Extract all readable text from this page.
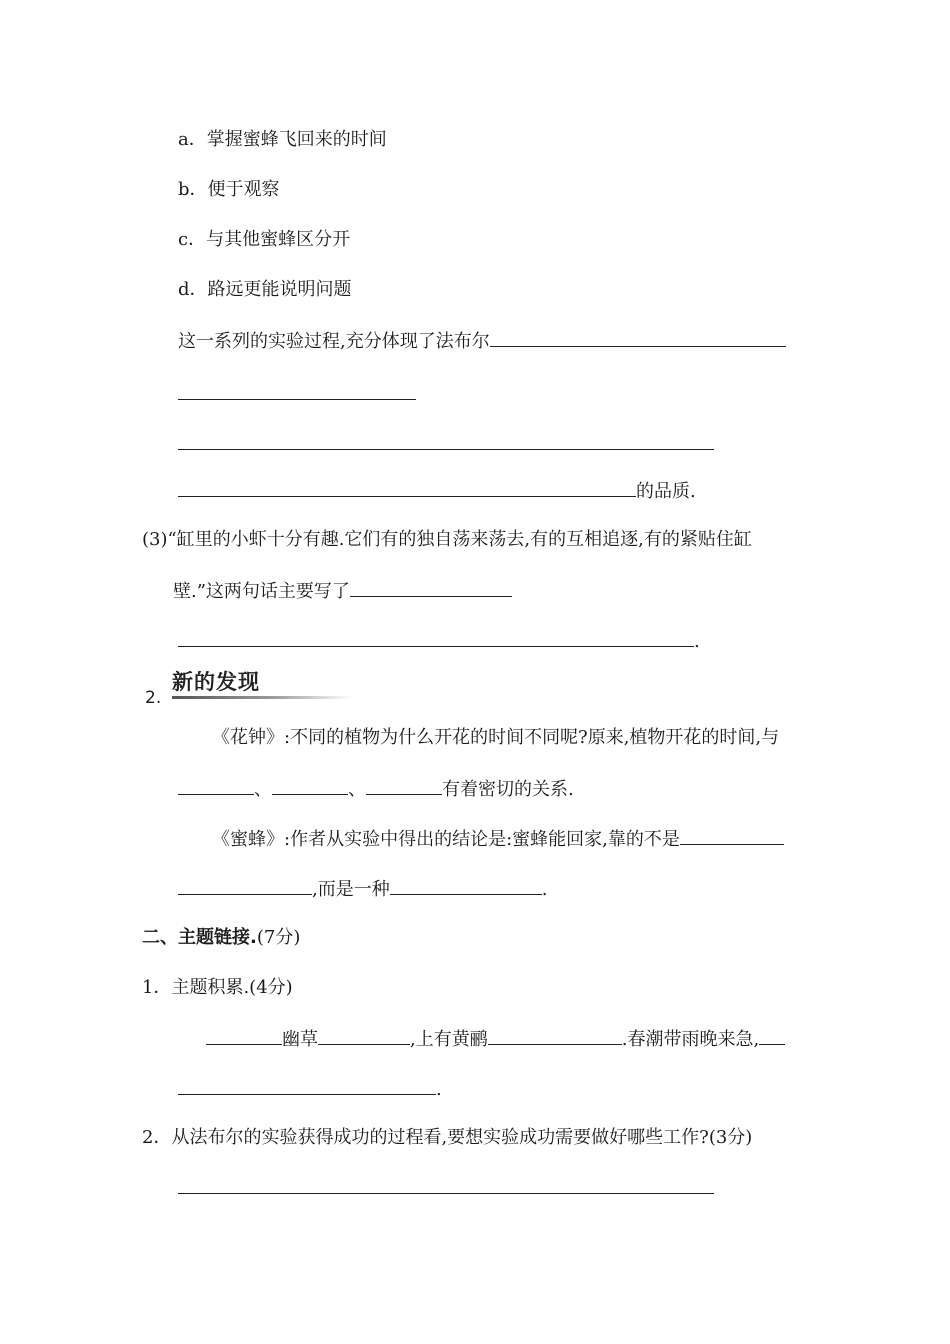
a．掌握蜜蜂飞回来的时间
b．便于观察
c．与其他蜜蜂区分开
d．路远更能说明问题
这一系列的实验过程,充分体现了法布尔
的品质.
(3)“缸里的小虾十分有趣.它们有的独自荡来荡去,有的互相追逐,有的紧贴住缸
壁.”这两句话主要写了
.
2.
新的发现
《花钟》:不同的植物为什么开花的时间不同呢?原来,植物开花的时间,与
、	、	有着密切的关系.
《蜜蜂》:作者从实验中得出的结论是:蜜蜂能回家,靠的不是
,而是一种	.
二、主题链接.(7分)
1．主题积累.(4分)
幽草	,上有黄鹂	.春潮带雨晚来急,
.
2．从法布尔的实验获得成功的过程看,要想实验成功需要做好哪些工作?(3分)
